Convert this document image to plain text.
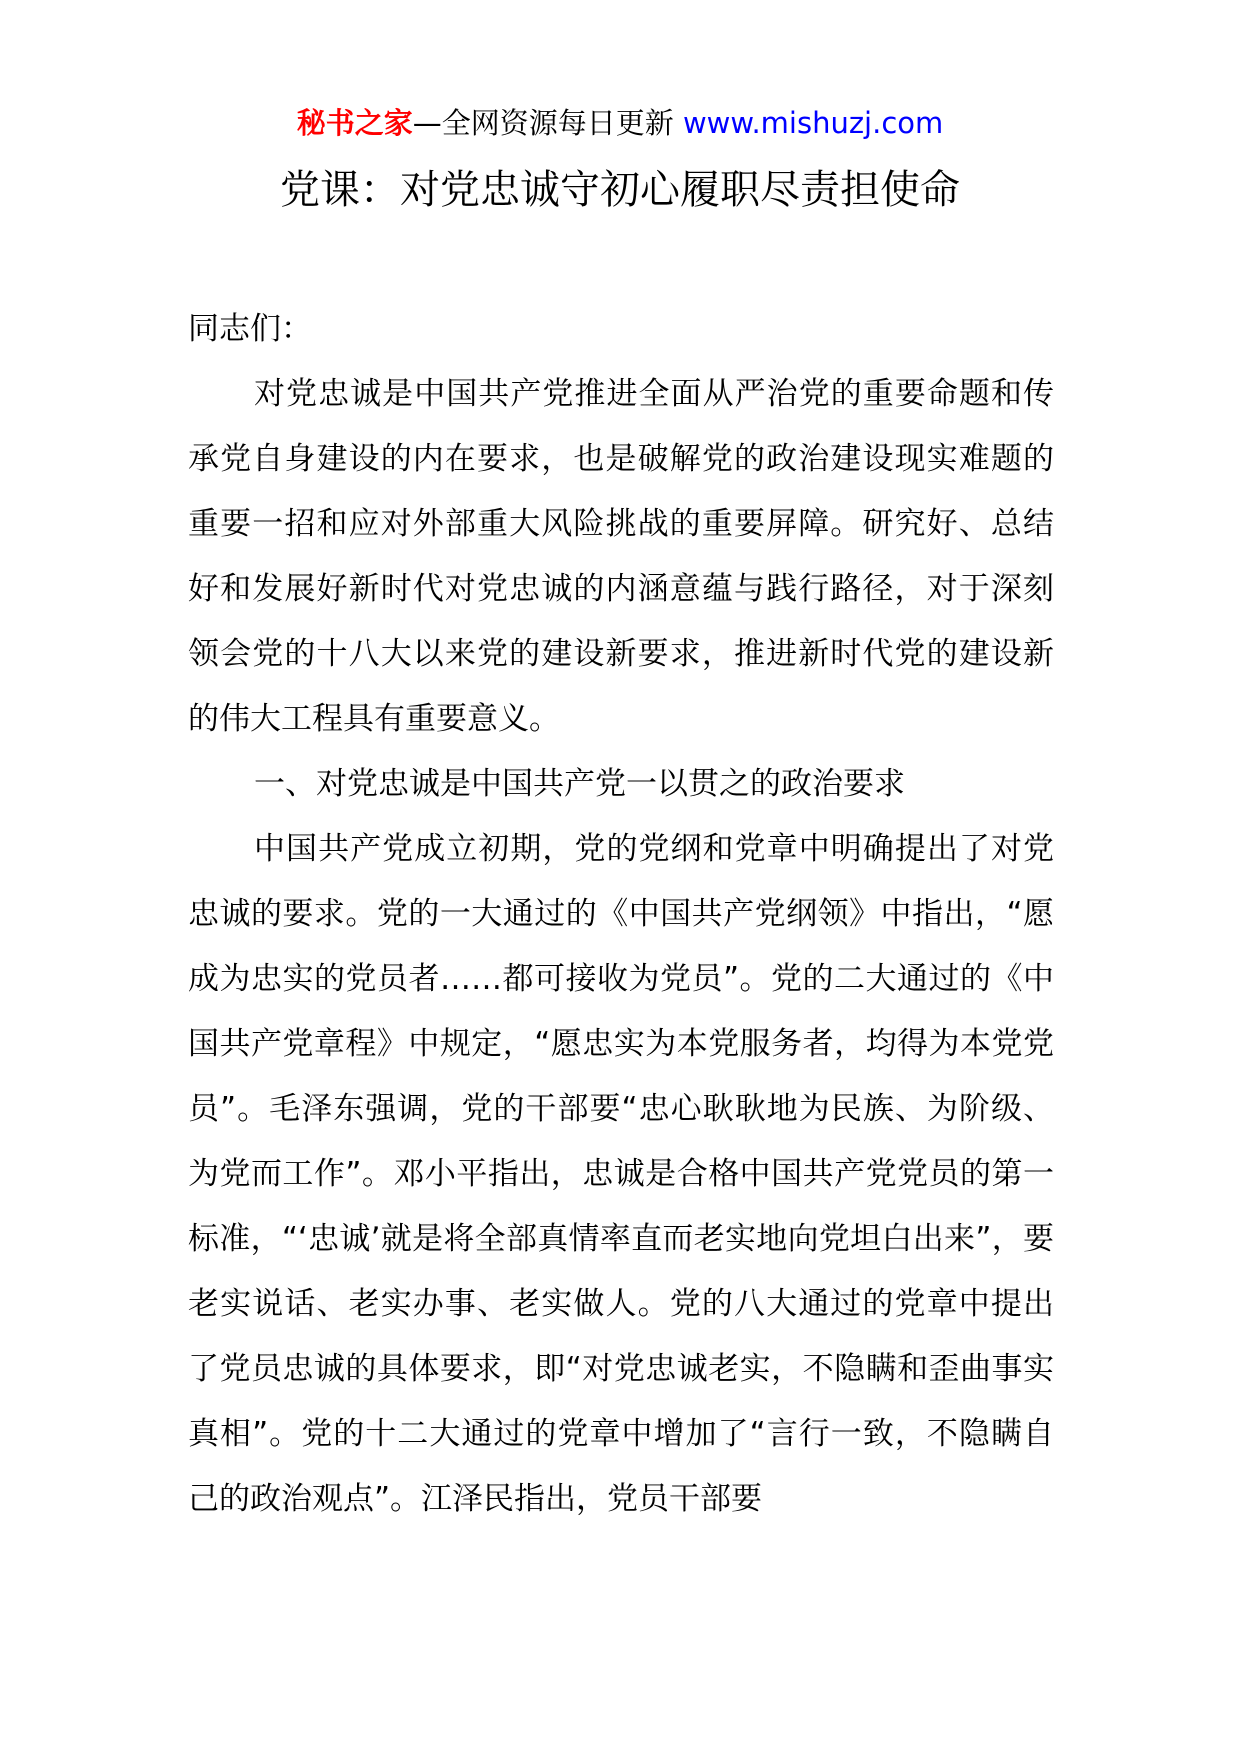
秘书之家—全网资源每日更新 www.mishuzj.com
党课：对党忠诚守初心履职尽责担使命

同志们：

对党忠诚是中国共产党推进全面从严治党的重要命题和传承党自身建设的内在要求，也是破解党的政治建设现实难题的重要一招和应对外部重大风险挑战的重要屏障。研究好、总结好和发展好新时代对党忠诚的内涵意蕴与践行路径，对于深刻领会党的十八大以来党的建设新要求，推进新时代党的建设新的伟大工程具有重要意义。

一、对党忠诚是中国共产党一以贯之的政治要求

中国共产党成立初期，党的党纲和党章中明确提出了对党忠诚的要求。党的一大通过的《中国共产党纲领》中指出，“愿成为忠实的党员者……都可接收为党员”。党的二大通过的《中国共产党章程》中规定，“愿忠实为本党服务者，均得为本党党员”。毛泽东强调，党的干部要“忠心耿耿地为民族、为阶级、为党而工作”。邓小平指出，忠诚是合格中国共产党党员的第一标准，“‘忠诚’就是将全部真情率直而老实地向党坦白出来”，要老实说话、老实办事、老实做人。党的八大通过的党章中提出了党员忠诚的具体要求，即“对党忠诚老实，不隐瞒和歪曲事实真相”。党的十二大通过的党章中增加了“言行一致，不隐瞒自己的政治观点”。江泽民指出，党员干部要
